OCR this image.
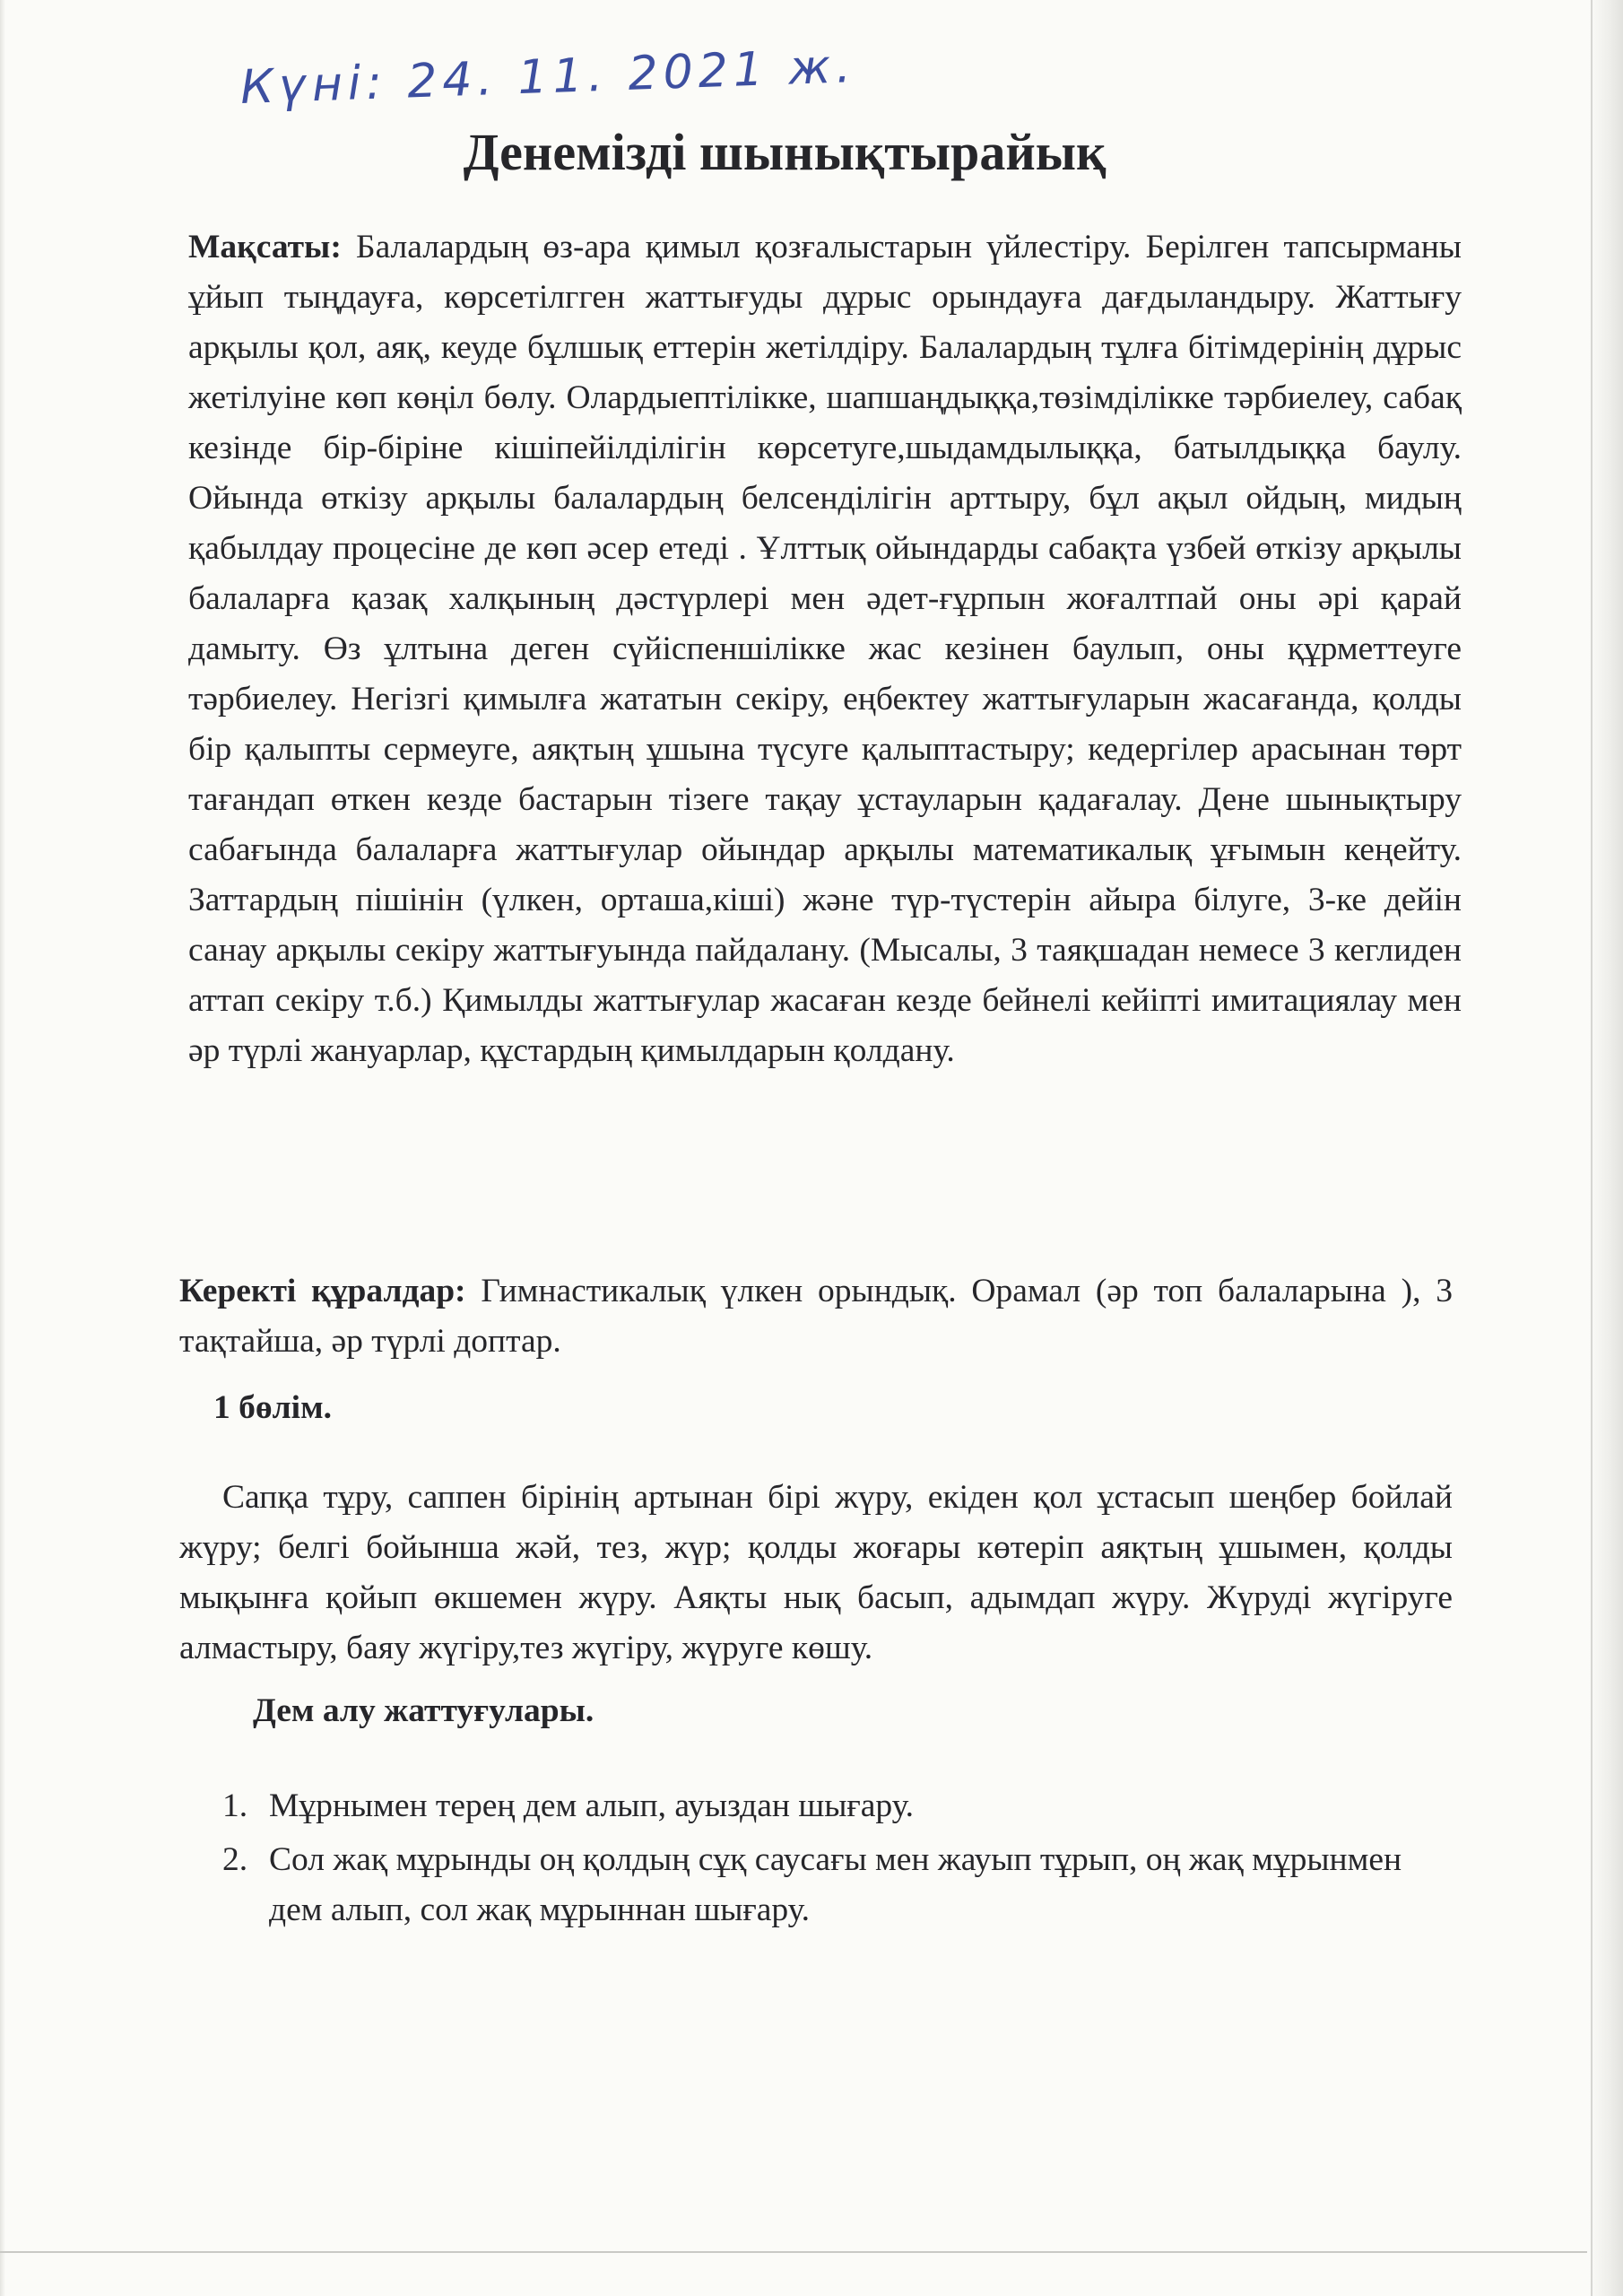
Күні: 24. 11. 2021 ж.
Денемізді шынықтырайық

Мақсаты: Балалардың өз-ара қимыл қозғалыстарын үйлестіру. Берілген тапсырманы ұйып тыңдауға, көрсетілгген жаттығуды дұрыс орындауға дағдыландыру. Жаттығу арқылы қол, аяқ, кеуде бұлшық еттерін жетілдіру. Балалардың тұлға бітімдерінің дұрыс жетілуіне көп көңіл бөлу. Олардыептілікке, шапшаңдыққа,төзімділікке тәрбиелеу, сабақ кезінде бір-біріне кішіпейілділігін көрсетуге,шыдамдылыққа, батылдыққа баулу. Ойында өткізу арқылы балалардың белсенділігін арттыру, бұл ақыл ойдың, мидың қабылдау процесіне де көп әсер етеді . Ұлттық ойындарды сабақта үзбей өткізу арқылы балаларға қазақ халқының дәстүрлері мен әдет-ғұрпын жоғалтпай оны әрі қарай дамыту. Өз ұлтына деген сүйіспеншілікке жас кезінен баулып, оны құрметтеуге тәрбиелеу. Негізгі қимылға жататын секіру, еңбектеу жаттығуларын жасағанда, қолды бір қалыпты сермеуге, аяқтың ұшына түсуге қалыптастыру; кедергілер арасынан төрт тағандап өткен кезде бастарын тізеге тақау ұстауларын қадағалау. Дене шынықтыру сабағында балаларға жаттығулар ойындар арқылы математикалық ұғымын кеңейту. Заттардың пішінін (үлкен, орташа,кіші) және түр-түстерін айыра білуге, 3-ке дейін санау арқылы секіру жаттығуында пайдалану. (Мысалы, 3 таяқшадан немесе 3 кеглиден аттап секіру т.б.) Қимылды жаттығулар жасаған кезде бейнелі кейіпті имитациялау мен әр түрлі жануарлар, құстардың қимылдарын қолдану.

Керекті құралдар: Гимнастикалық үлкен орындық. Орамал (әр топ балаларына ), 3 тақтайша, әр түрлі доптар.

1 бөлім.

Сапқа тұру, саппен бірінің артынан бірі жүру, екіден қол ұстасып шеңбер бойлай жүру; белгі бойынша жәй, тез, жүр; қолды жоғары көтеріп аяқтың ұшымен, қолды мықынға қойып өкшемен жүру. Аяқты нық басып, адымдап жүру. Жүруді жүгіруге алмастыру, баяу жүгіру,тез жүгіру, жүруге көшу.

Дем алу жаттуғулары.
1. Мұрнымен терең дем алып, ауыздан шығару.
2. Сол жақ мұрынды оң қолдың сұқ саусағы мен жауып тұрып, оң жақ мұрынмен дем алып, сол жақ мұрыннан шығару.
